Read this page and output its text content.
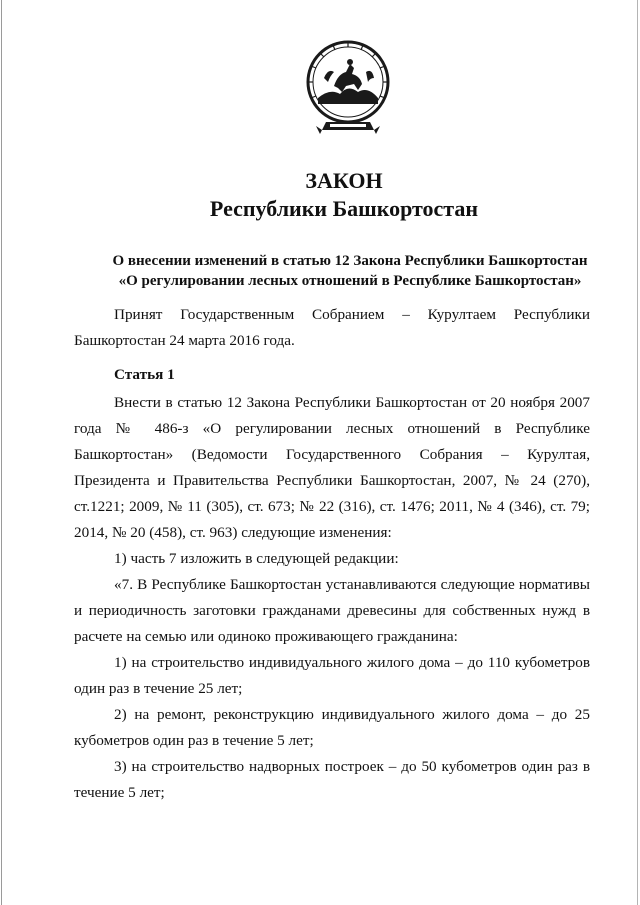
ЗАКОН

Республики Башкортостан

О внесении изменений в статью 12 Закона Республики Башкортостан

«О регулировании лесных отношений в Республике Башкортостан»

Принят Государственным Собранием – Курултаем Республики Башкортостан 24 марта 2016 года.

Статья 1

Внести в статью 12 Закона Республики Башкортостан от 20 ноября 2007 года № 486-з «О регулировании лесных отношений в Республике Башкортостан» (Ведомости Государственного Собрания – Курултая, Президента и Правительства Республики Башкортостан, 2007, № 24 (270), ст.1221; 2009, № 11 (305), ст. 673; № 22 (316), ст. 1476; 2011, № 4 (346), ст. 79; 2014, № 20 (458), ст. 963) следующие изменения:

1) часть 7 изложить в следующей редакции:

«7. В Республике Башкортостан устанавливаются следующие нормативы и периодичность заготовки гражданами древесины для собственных нужд в расчете на семью или одиноко проживающего гражданина:

1) на строительство индивидуального жилого дома – до 110 кубометров один раз в течение 25 лет;

2) на ремонт, реконструкцию индивидуального жилого дома – до 25 кубометров один раз в течение 5 лет;

3) на строительство надворных построек – до 50 кубометров один раз в течение 5 лет;
